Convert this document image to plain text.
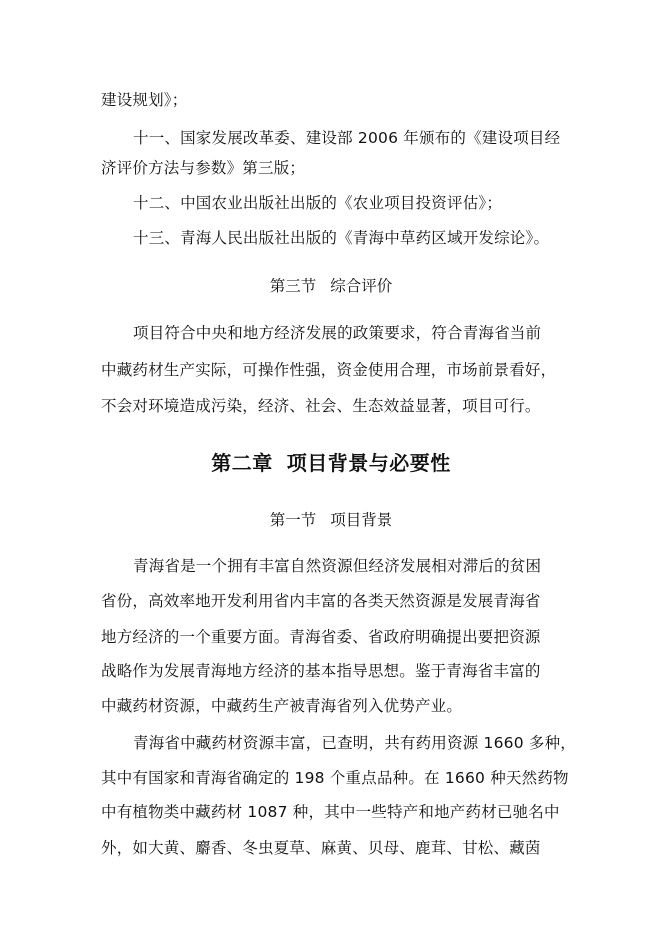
建设规划》；
十一、国家发展改革委、建设部 2006 年颁布的《建设项目经
济评价方法与参数》第三版；
十二、中国农业出版社出版的《农业项目投资评估》；
十三、青海人民出版社出版的《青海中草药区域开发综论》。
第三节 综合评价
项目符合中央和地方经济发展的政策要求，符合青海省当前
中藏药材生产实际，可操作性强，资金使用合理，市场前景看好，
不会对环境造成污染，经济、社会、生态效益显著，项目可行。
第二章 项目背景与必要性
第一节 项目背景
青海省是一个拥有丰富自然资源但经济发展相对滞后的贫困
省份，高效率地开发利用省内丰富的各类天然资源是发展青海省
地方经济的一个重要方面。青海省委、省政府明确提出要把资源
战略作为发展青海地方经济的基本指导思想。鉴于青海省丰富的
中藏药材资源，中藏药生产被青海省列入优势产业。
青海省中藏药材资源丰富，已查明，共有药用资源 1660 多种，
其中有国家和青海省确定的 198 个重点品种。在 1660 种天然药物
中有植物类中藏药材 1087 种，其中一些特产和地产药材已驰名中
外，如大黄、麝香、冬虫夏草、麻黄、贝母、鹿茸、甘松、藏茵
